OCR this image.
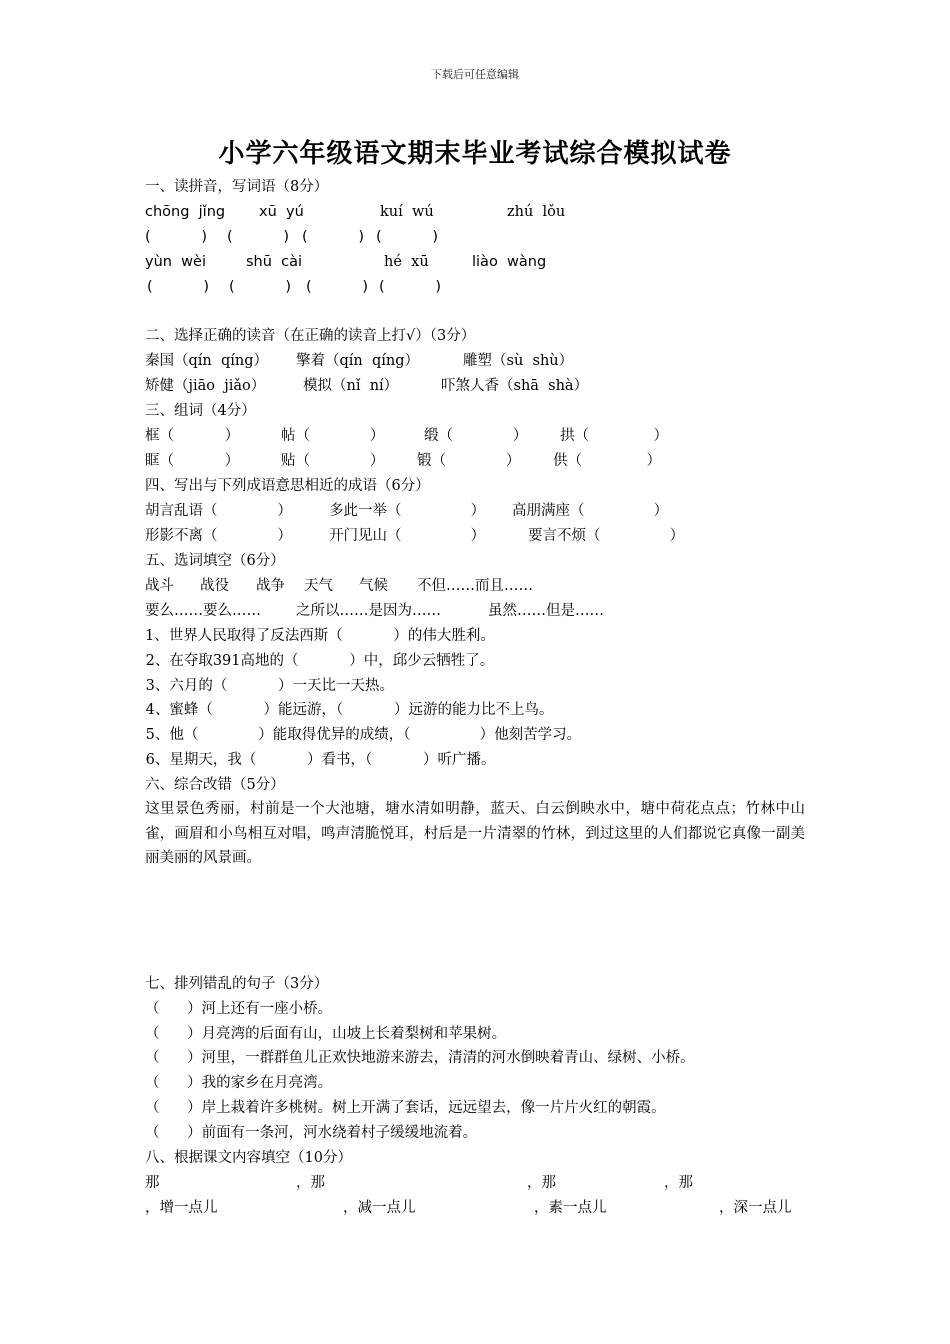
下载后可任意编辑
小学六年级语文期末毕业考试综合模拟试卷
一、读拼音，写词语（8分）
chōng  jǐng xū  yú	kuí  wú	zhú  lǒu
(           ) (           ) (           ) (           )
yùn  wèi	shū  cài	hé  xū	liào  wàng
(           ) (           ) (           ) (           )
二、选择正确的读音（在正确的读音上打√）（3分）
秦国（qín  qíng） 擎着（qín  qíng）	雕塑（sù  shù）
矫健（jiāo  jiǎo）	模拟（nǐ  ní）	吓煞人香（shā  shà）
三、组词（4分）
框（           ）	帖（             ）	缎（             ） 拱（              ）
眶（           ）	贴（             ） 锻（             ） 供（              ）
四、写出与下列成语意思相近的成语（6分）
胡言乱语（             ）	多此一举（               ） 高朋满座（               ）
形影不离（             ）	开门见山（               ）	要言不烦（               ）
五、选词填空（6分）
战斗 战役 战争 天气 气候 不但……而且……
要么……要么…… 之所以……是因为……	虽然……但是……
1、世界人民取得了反法西斯（           ）的伟大胜利。
2、在夺取391高地的（           ）中，邱少云牺牲了。
3、六月的（           ）一天比一天热。
4、蜜蜂（           ）能远游，（           ）远游的能力比不上鸟。
5、他（             ）能取得优异的成绩，（               ）他刻苦学习。
6、星期天，我（           ）看书，（           ）听广播。
六、综合改错（5分）
这里景色秀丽，村前是一个大池塘，塘水清如明静，蓝天、白云倒映水中，塘中荷花点点；竹林中山雀，画眉和小鸟相互对唱，鸣声清脆悦耳，村后是一片清翠的竹林，到过这里的人们都说它真像一副美丽美丽的风景画。
七、排列错乱的句子（3分）
（      ）河上还有一座小桥。
（      ）月亮湾的后面有山，山坡上长着梨树和苹果树。
（      ）河里，一群群鱼儿正欢快地游来游去，清清的河水倒映着青山、绿树、小桥。
（      ）我的家乡在月亮湾。
（      ）岸上栽着许多桃树。树上开满了套话，远远望去，像一片片火红的朝霞。
（      ）前面有一条河，河水绕着村子缓缓地流着。
八、根据课文内容填空（10分）
那	，那	，那	，那
，增一点儿	，减一点儿	，素一点儿	，深一点儿
